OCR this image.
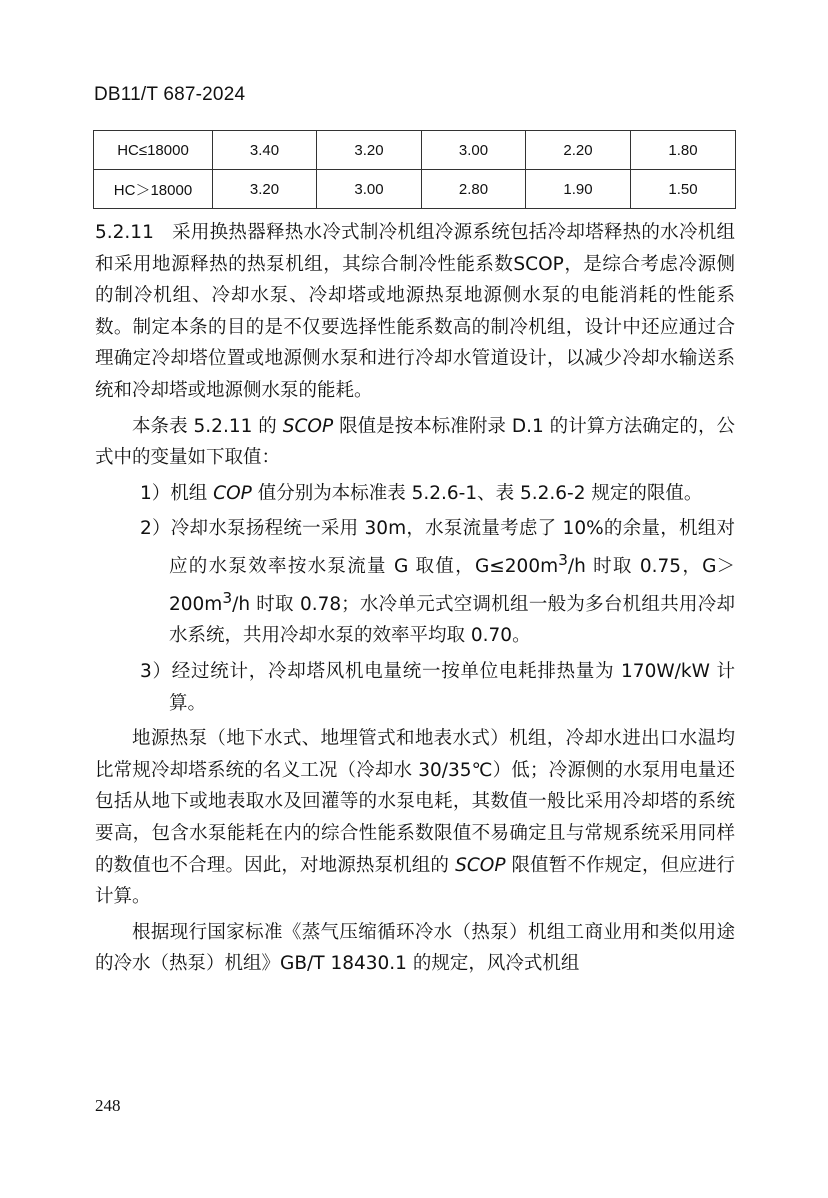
DB11/T 687-2024
HC≤18000	3.40	3.20	3.00	2.20	1.80
HC＞18000	3.20	3.00	2.80	1.90	1.50

5.2.11 采用换热器释热水冷式制冷机组冷源系统包括冷却塔释热的水冷机组和采用地源释热的热泵机组，其综合制冷性能系数SCOP，是综合考虑冷源侧的制冷机组、冷却水泵、冷却塔或地源热泵地源侧水泵的电能消耗的性能系数。制定本条的目的是不仅要选择性能系数高的制冷机组，设计中还应通过合理确定冷却塔位置或地源侧水泵和进行冷却水管道设计，以减少冷却水输送系统和冷却塔或地源侧水泵的能耗。

本条表 5.2.11 的 SCOP 限值是按本标准附录 D.1 的计算方法确定的，公式中的变量如下取值：

1）机组 COP 值分别为本标准表 5.2.6-1、表 5.2.6-2 规定的限值。

2）冷却水泵扬程统一采用 30m，水泵流量考虑了 10%的余量，机组对应的水泵效率按水泵流量 G 取值，$G\le 200m^3/h$ 时取 0.75，$G>200m^3/h$ 时取 0.78；水冷单元式空调机组一般为多台机组共用冷却水系统，共用冷却水泵的效率平均取 0.70。

3）经过统计，冷却塔风机电量统一按单位电耗排热量为 170W/kW 计算。

地源热泵（地下水式、地埋管式和地表水式）机组，冷却水进出口水温均比常规冷却塔系统的名义工况（冷却水 30/35℃）低；冷源侧的水泵用电量还包括从地下或地表取水及回灌等的水泵电耗，其数值一般比采用冷却塔的系统要高，包含水泵能耗在内的综合性能系数限值不易确定且与常规系统采用同样的数值也不合理。因此，对地源热泵机组的 SCOP 限值暂不作规定，但应进行计算。

根据现行国家标准《蒸气压缩循环冷水（热泵）机组工商业用和类似用途的冷水（热泵）机组》GB/T 18430.1 的规定，风冷式机组

248
